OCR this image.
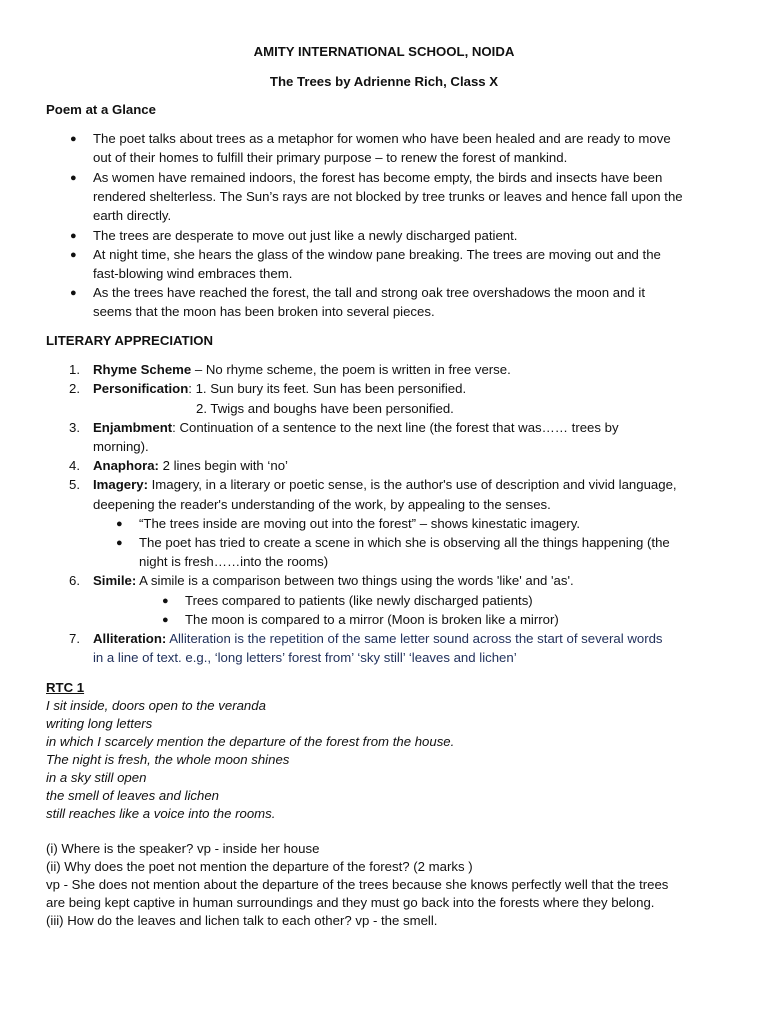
AMITY INTERNATIONAL SCHOOL, NOIDA
The Trees by Adrienne Rich, Class X
Poem at a Glance
● The poet talks about trees as a metaphor for women who have been healed and are ready to move
out of their homes to fulfill their primary purpose – to renew the forest of mankind.
● As women have remained indoors, the forest has become empty, the birds and insects have been
rendered shelterless. The Sun’s rays are not blocked by tree trunks or leaves and hence fall upon the
earth directly.
● The trees are desperate to move out just like a newly discharged patient.
● At night time, she hears the glass of the window pane breaking. The trees are moving out and the
fast-blowing wind embraces them.
● As the trees have reached the forest, the tall and strong oak tree overshadows the moon and it
seems that the moon has been broken into several pieces.
LITERARY APPRECIATION
1. Rhyme Scheme – No rhyme scheme, the poem is written in free verse.
2. Personification: 1. Sun bury its feet. Sun has been personified.
2. Twigs and boughs have been personified.
3. Enjambment: Continuation of a sentence to the next line (the forest that was…… trees by
morning).
4. Anaphora: 2 lines begin with ‘no’
5. Imagery: Imagery, in a literary or poetic sense, is the author's use of description and vivid language,
deepening the reader's understanding of the work, by appealing to the senses.
● “The trees inside are moving out into the forest” – shows kinestatic imagery.
● The poet has tried to create a scene in which she is observing all the things happening (the
night is fresh……into the rooms)
6. Simile: A simile is a comparison between two things using the words 'like' and 'as'.
● Trees compared to patients (like newly discharged patients)
● The moon is compared to a mirror (Moon is broken like a mirror)
7. Alliteration: Alliteration is the repetition of the same letter sound across the start of several words
in a line of text. e.g., ‘long letters’ forest from’ ‘sky still’ ‘leaves and lichen’
RTC 1
I sit inside, doors open to the veranda
writing long letters
in which I scarcely mention the departure of the forest from the house.
The night is fresh, the whole moon shines
in a sky still open
the smell of leaves and lichen
still reaches like a voice into the rooms.
(i) Where is the speaker? vp - inside her house
(ii) Why does the poet not mention the departure of the forest? (2 marks )
vp - She does not mention about the departure of the trees because she knows perfectly well that the trees
are being kept captive in human surroundings and they must go back into the forests where they belong.
(iii) How do the leaves and lichen talk to each other? vp - the smell.
